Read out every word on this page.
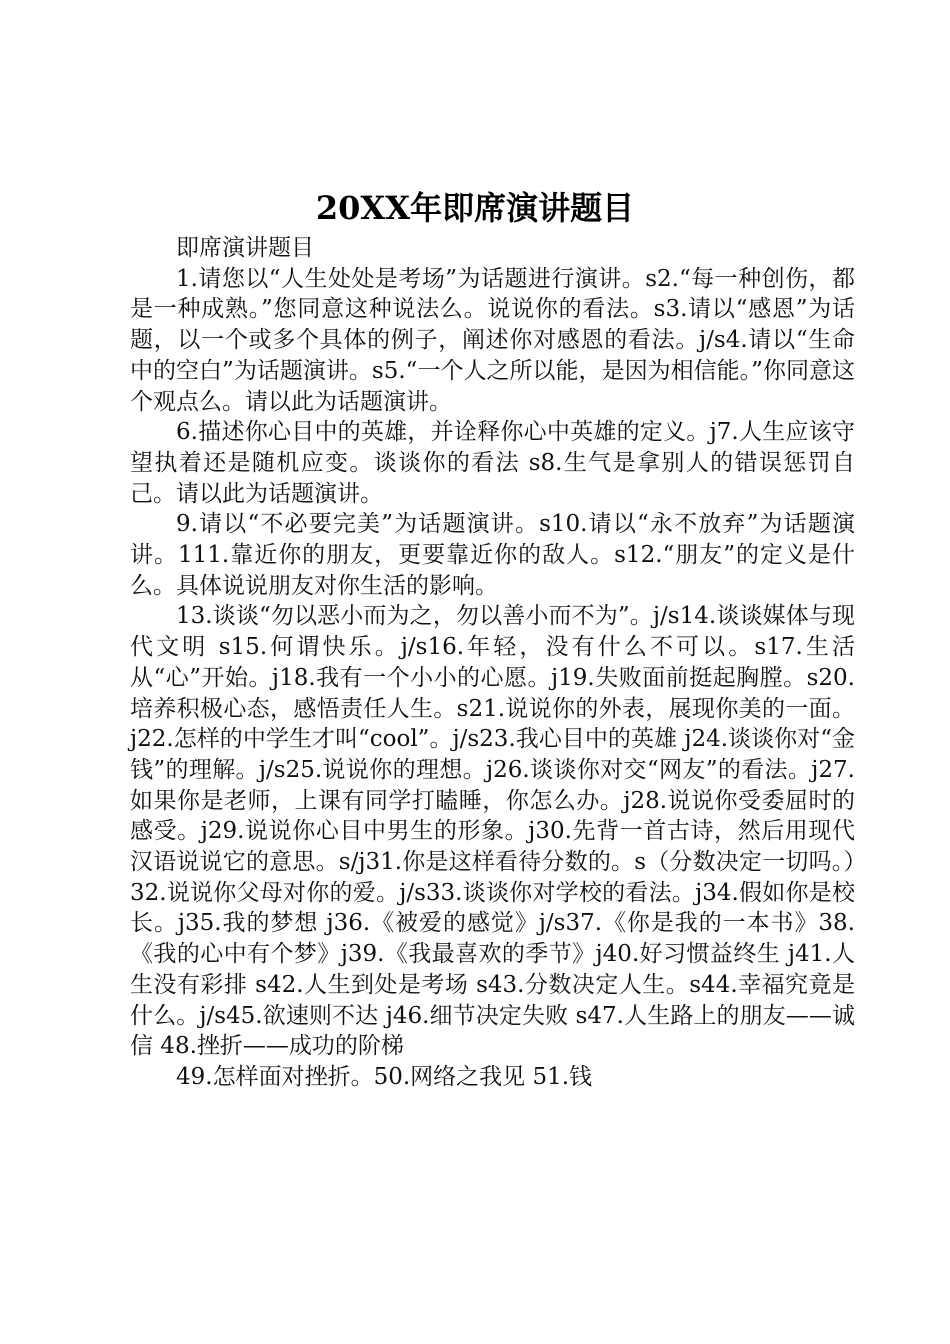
20XX年即席演讲题目

即席演讲题目

1.请您以“人生处处是考场”为话题进行演讲。s2.“每一种创伤，都是一种成熟。”您同意这种说法么。说说你的看法。s3.请以“感恩”为话题，以一个或多个具体的例子，阐述你对感恩的看法。j/s4.请以“生命中的空白”为话题演讲。s5.“一个人之所以能，是因为相信能。”你同意这个观点么。请以此为话题演讲。

6.描述你心目中的英雄，并诠释你心中英雄的定义。j7.人生应该守望执着还是随机应变。谈谈你的看法 s8.生气是拿别人的错误惩罚自己。请以此为话题演讲。

9.请以“不必要完美”为话题演讲。s10.请以“永不放弃”为话题演讲。111.靠近你的朋友，更要靠近你的敌人。s12.“朋友”的定义是什么。具体说说朋友对你生活的影响。

13.谈谈“勿以恶小而为之，勿以善小而不为”。j/s14.谈谈媒体与现代文明 s15.何谓快乐。j/s16.年轻，没有什么不可以。s17.生活从“心”开始。j18.我有一个小小的心愿。j19.失败面前挺起胸膛。s20.培养积极心态，感悟责任人生。s21.说说你的外表，展现你美的一面。j22.怎样的中学生才叫“cool”。j/s23.我心目中的英雄 j24.谈谈你对“金钱”的理解。j/s25.说说你的理想。j26.谈谈你对交“网友”的看法。j27.如果你是老师，上课有同学打瞌睡，你怎么办。j28.说说你受委屈时的感受。j29.说说你心目中男生的形象。j30.先背一首古诗，然后用现代汉语说说它的意思。s/j31.你是这样看待分数的。s（分数决定一切吗。）32.说说你父母对你的爱。j/s33.谈谈你对学校的看法。j34.假如你是校长。j35.我的梦想 j36.《被爱的感觉》j/s37.《你是我的一本书》38.《我的心中有个梦》j39.《我最喜欢的季节》j40.好习惯益终生 j41.人生没有彩排 s42.人生到处是考场 s43.分数决定人生。s44.幸福究竟是什么。j/s45.欲速则不达 j46.细节决定失败 s47.人生路上的朋友——诚信 48.挫折——成功的阶梯

49.怎样面对挫折。50.网络之我见 51.钱
